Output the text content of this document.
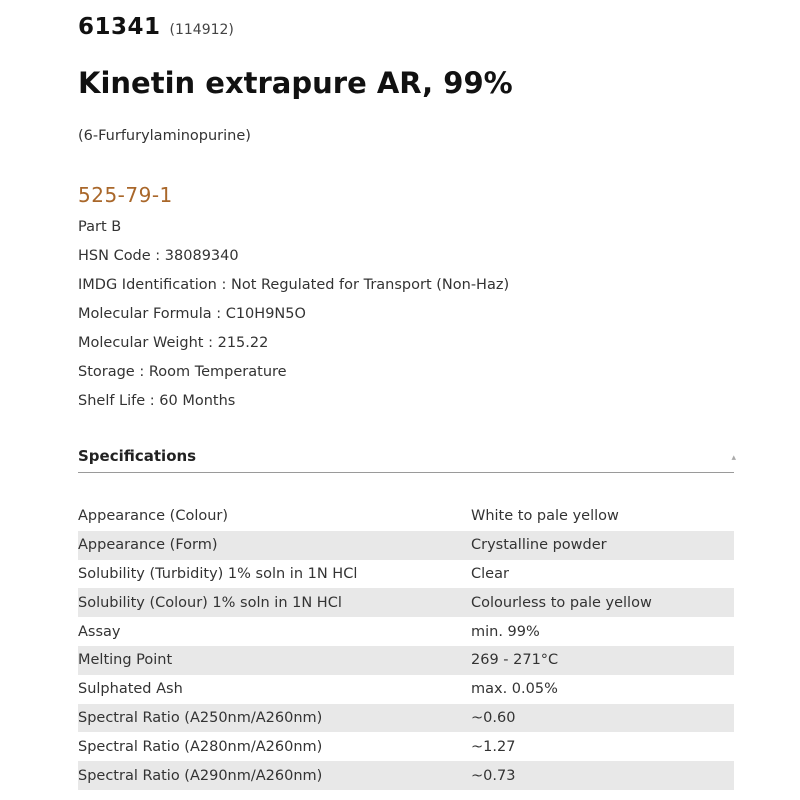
61341 (114912)
Kinetin extrapure AR, 99%
(6-Furfurylaminopurine)
525-79-1
Part B
HSN Code : 38089340
IMDG Identification : Not Regulated for Transport (Non-Haz)
Molecular Formula : C10H9N5O
Molecular Weight : 215.22
Storage : Room Temperature
Shelf Life : 60 Months
Specifications	▴
Appearance (Colour)	White to pale yellow
Appearance (Form)	Crystalline powder
Solubility (Turbidity) 1% soln in 1N HCl	Clear
Solubility (Colour) 1% soln in 1N HCl	Colourless to pale yellow
Assay	min. 99%
Melting Point	269 - 271°C
Sulphated Ash	max. 0.05%
Spectral Ratio (A250nm/A260nm)	~0.60
Spectral Ratio (A280nm/A260nm)	~1.27
Spectral Ratio (A290nm/A260nm)	~0.73
